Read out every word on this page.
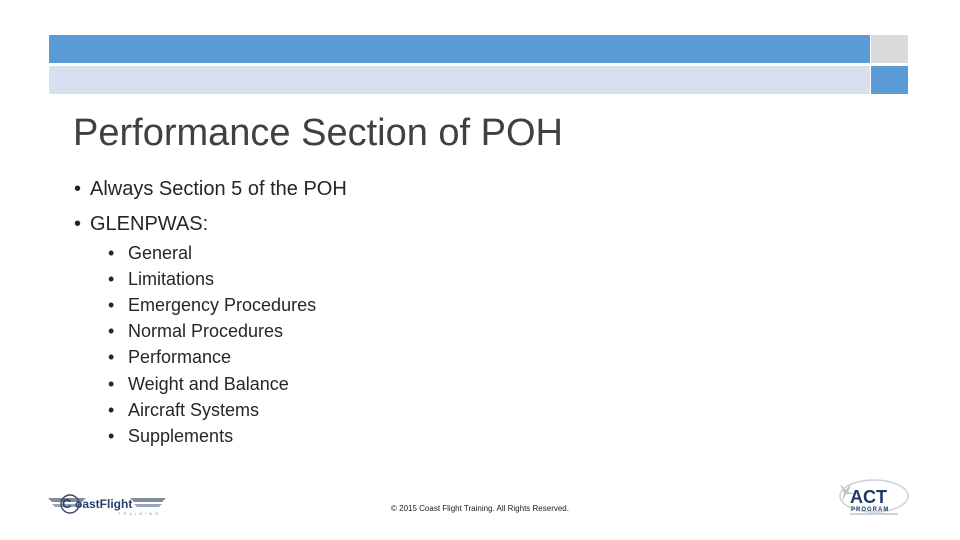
Performance Section of POH
• Always Section 5 of the POH
• GLENPWAS:
• General
• Limitations
• Emergency Procedures
• Normal Procedures
• Performance
• Weight and Balance
• Aircraft Systems
• Supplements
C oastFlight
TRAINING
ACT
PROGRAM
© 2015 Coast Flight Training. All Rights Reserved.
